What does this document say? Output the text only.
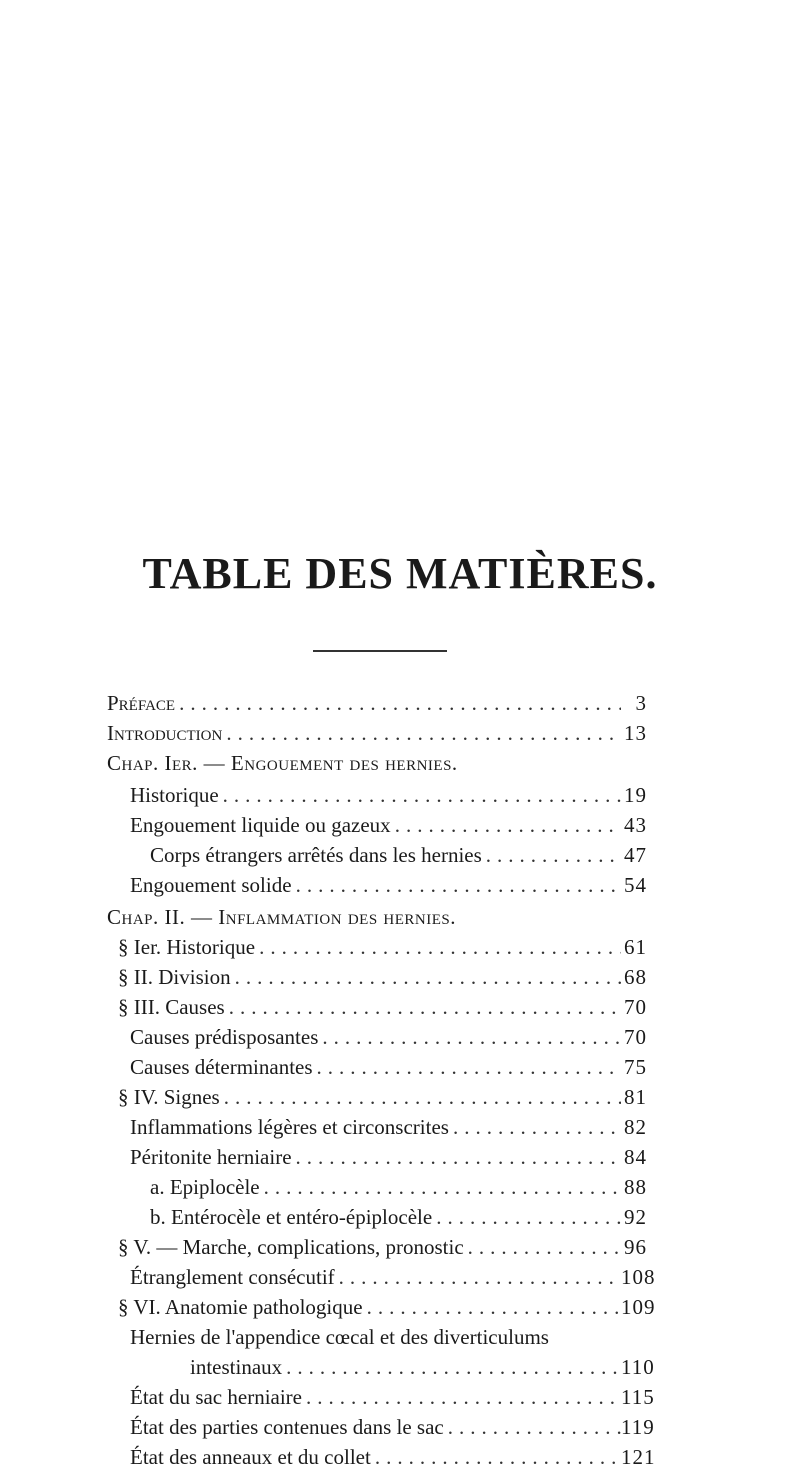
TABLE DES MATIÈRES.
Préface .....	3
Introduction .....	13
Chap. Ier. — Engouement des hernies.
Historique .....	19
Engouement liquide ou gazeux .....	43
Corps étrangers arrêtés dans les hernies .....	47
Engouement solide .....	54
Chap. II. — Inflammation des hernies.
§ Ier. Historique .....	61
§ II. Division .....	68
§ III. Causes .....	70
Causes prédisposantes .....	70
Causes déterminantes .....	75
§ IV. Signes .....	81
Inflammations légères et circonscrites .....	82
Péritonite herniaire .....	84
a. Epiplocèle .....	88
b. Entérocèle et entéro-épiplocèle .....	92
§ V. — Marche, complications, pronostic .....	96
Étranglement consécutif .....	108
§ VI. Anatomie pathologique .....	109
Hernies de l'appendice cœcal et des diverticulums
intestinaux .....	110
État du sac herniaire .....	115
État des parties contenues dans le sac .....	119
État des anneaux et du collet .....	121
